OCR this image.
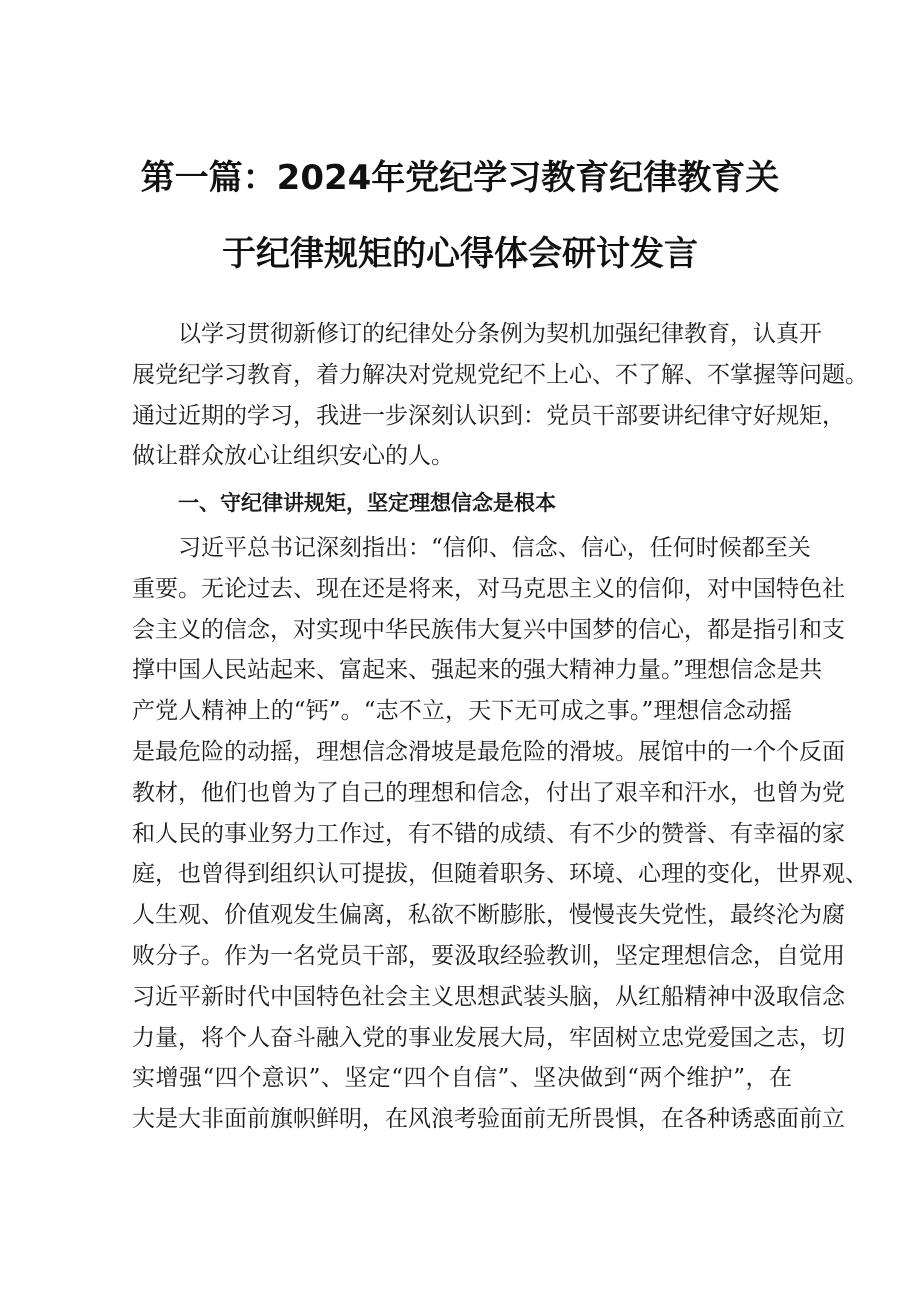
第一篇：2024年党纪学习教育纪律教育关
于纪律规矩的心得体会研讨发言
以学习贯彻新修订的纪律处分条例为契机加强纪律教育，认真开
展党纪学习教育，着力解决对党规党纪不上心、不了解、不掌握等问题。
通过近期的学习，我进一步深刻认识到：党员干部要讲纪律守好规矩，
做让群众放心让组织安心的人。
一、守纪律讲规矩，坚定理想信念是根本
习近平总书记深刻指出：“信仰、信念、信心，任何时候都至关
重要。无论过去、现在还是将来，对马克思主义的信仰，对中国特色社
会主义的信念，对实现中华民族伟大复兴中国梦的信心，都是指引和支
撑中国人民站起来、富起来、强起来的强大精神力量。”理想信念是共
产党人精神上的“钙”。“志不立，天下无可成之事。”理想信念动摇
是最危险的动摇，理想信念滑坡是最危险的滑坡。展馆中的一个个反面
教材，他们也曾为了自己的理想和信念，付出了艰辛和汗水，也曾为党
和人民的事业努力工作过，有不错的成绩、有不少的赞誉、有幸福的家
庭，也曾得到组织认可提拔，但随着职务、环境、心理的变化，世界观、
人生观、价值观发生偏离，私欲不断膨胀，慢慢丧失党性，最终沦为腐
败分子。作为一名党员干部，要汲取经验教训，坚定理想信念，自觉用
习近平新时代中国特色社会主义思想武装头脑，从红船精神中汲取信念
力量，将个人奋斗融入党的事业发展大局，牢固树立忠党爱国之志，切
实增强“四个意识”、坚定“四个自信”、坚决做到“两个维护”，在
大是大非面前旗帜鲜明，在风浪考验面前无所畏惧，在各种诱惑面前立
